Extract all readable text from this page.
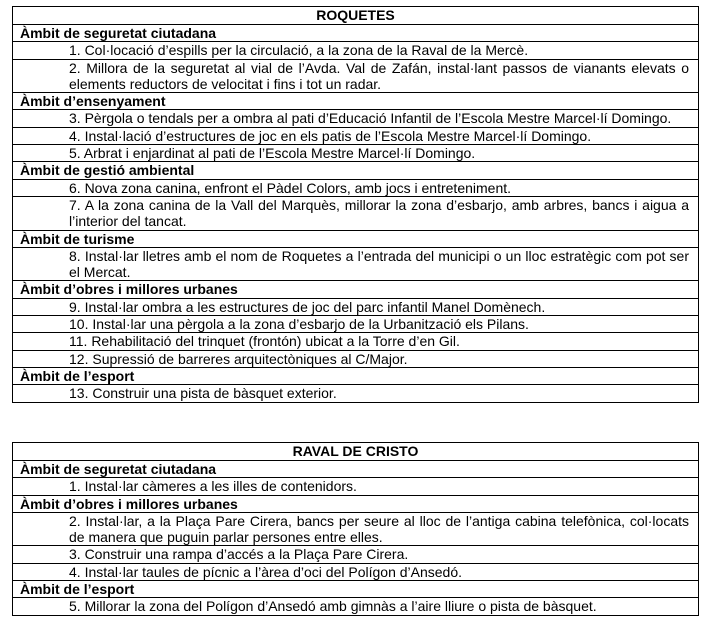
ROQUETES
Àmbit de seguretat ciutadana
1. Col·locació d’espills per la circulació, a la zona de la Raval de la Mercè.
2. Millora de la seguretat al vial de l’Avda. Val de Zafán, instal·lant passos de vianants elevats o elements reductors de velocitat i fins i tot un radar.
Àmbit d’ensenyament
3. Pèrgola o tendals per a ombra al pati d’Educació Infantil de l’Escola Mestre Marcel·lí Domingo.
4. Instal·lació d’estructures de joc en els patis de l’Escola Mestre Marcel·lí Domingo.
5. Arbrat i enjardinat al pati de l’Escola Mestre Marcel·lí Domingo.
Àmbit de gestió ambiental
6. Nova zona canina, enfront el Pàdel Colors, amb jocs i entreteniment.
7. A la zona canina de la Vall del Marquès, millorar la zona d’esbarjo, amb arbres, bancs i aigua a l’interior del tancat.
Àmbit de turisme
8. Instal·lar lletres amb el nom de Roquetes a l’entrada del municipi o un lloc estratègic com pot ser el Mercat.
Àmbit d’obres i millores urbanes
9. Instal·lar ombra a les estructures de joc del parc infantil Manel Domènech.
10. Instal·lar una pèrgola a la zona d’esbarjo de la Urbanització els Pilans.
11. Rehabilitació del trinquet (frontón) ubicat a la Torre d’en Gil.
12. Supressió de barreres arquitectòniques al C/Major.
Àmbit de l’esport
13. Construir una pista de bàsquet exterior.
RAVAL DE CRISTO
Àmbit de seguretat ciutadana
1. Instal·lar càmeres a les illes de contenidors.
Àmbit d’obres i millores urbanes
2. Instal·lar, a la Plaça Pare Cirera, bancs per seure al lloc de l’antiga cabina telefònica, col·locats de manera que puguin parlar persones entre elles.
3. Construir una rampa d’accés a la Plaça Pare Cirera.
4. Instal·lar taules de pícnic a l’àrea d’oci del Polígon d’Ansedó.
Àmbit de l’esport
5. Millorar la zona del Polígon d’Ansedó amb gimnàs a l’aire lliure o pista de bàsquet.
